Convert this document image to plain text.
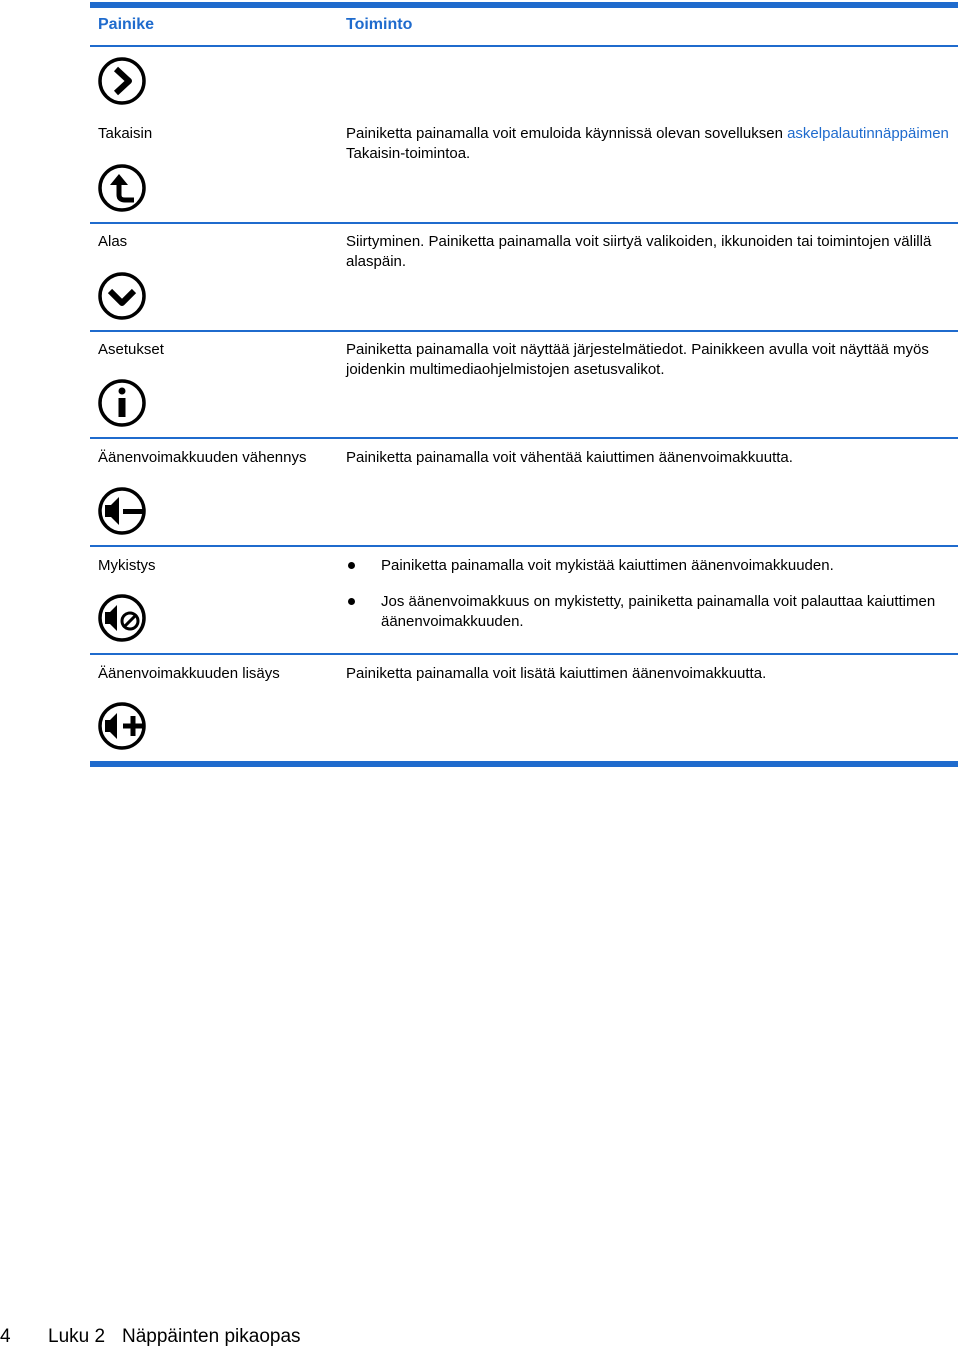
Painike	Toiminto
Takaisin	Painiketta painamalla voit emuloida käynnissä olevan sovelluksen askelpalautinnäppäimen Takaisin-toimintoa.
Alas	Siirtyminen. Painiketta painamalla voit siirtyä valikoiden, ikkunoiden tai toimintojen välillä alaspäin.
Asetukset	Painiketta painamalla voit näyttää järjestelmätiedot. Painikkeen avulla voit näyttää myös joidenkin multimediaohjelmistojen asetusvalikot.
Äänenvoimakkuuden vähennys	Painiketta painamalla voit vähentää kaiuttimen äänenvoimakkuutta.
Mykistys	Painiketta painamalla voit mykistää kaiuttimen äänenvoimakkuuden.
Jos äänenvoimakkuus on mykistetty, painiketta painamalla voit palauttaa kaiuttimen äänenvoimakkuuden.
Äänenvoimakkuuden lisäys	Painiketta painamalla voit lisätä kaiuttimen äänenvoimakkuutta.
4 Luku 2 Näppäinten pikaopas
